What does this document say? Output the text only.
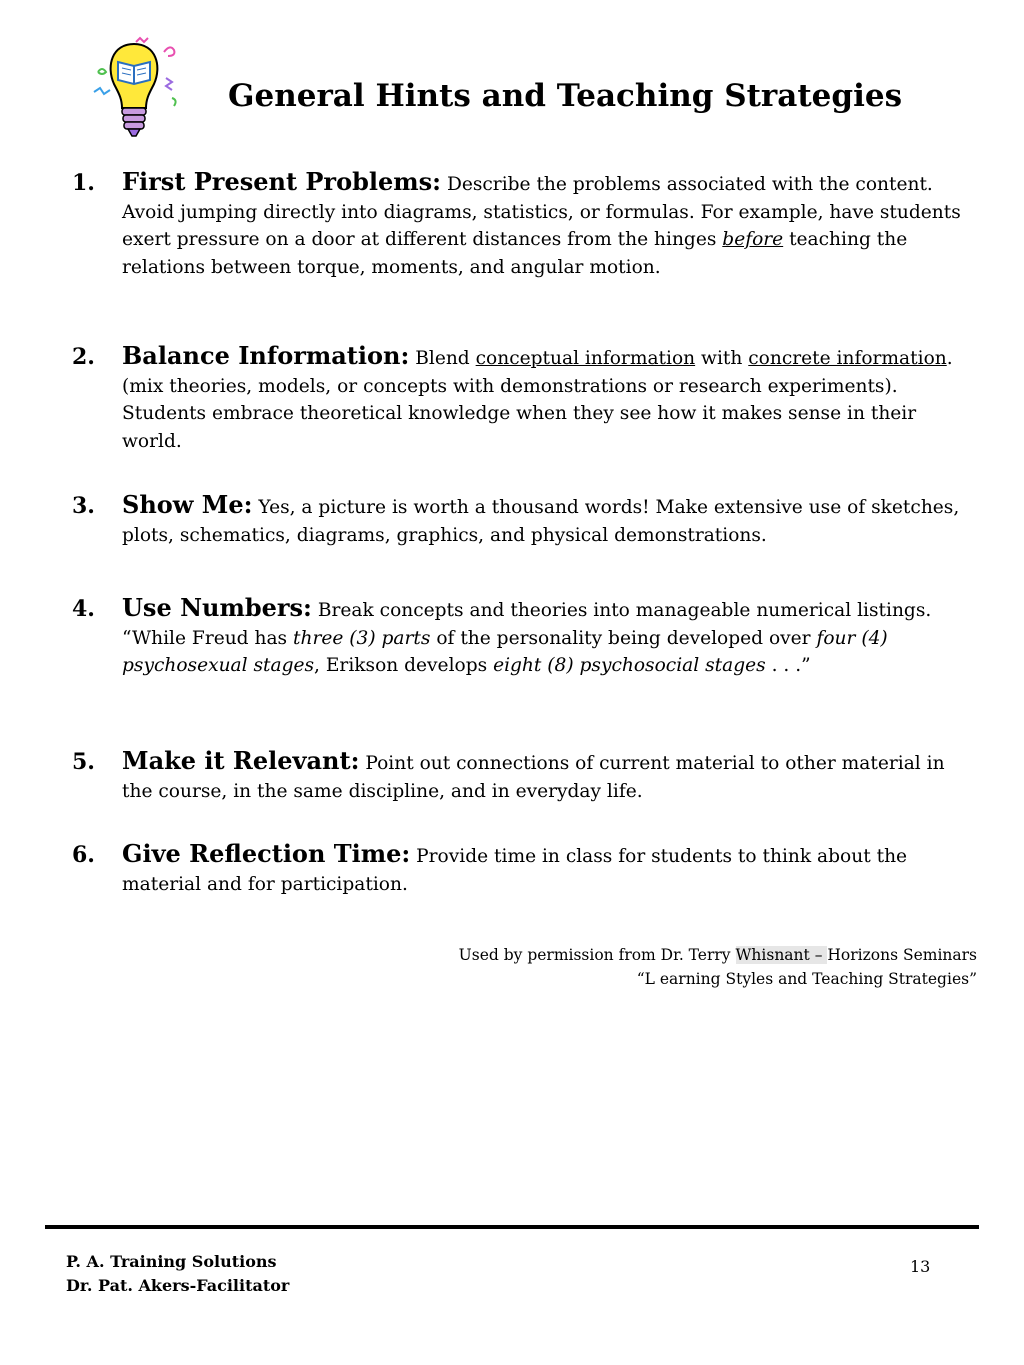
General Hints and Teaching Strategies
1. First Present Problems: Describe the problems associated with the content. Avoid jumping directly into diagrams, statistics, or formulas. For example, have students exert pressure on a door at different distances from the hinges before teaching the relations between torque, moments, and angular motion.
2. Balance Information: Blend conceptual information with concrete information. (mix theories, models, or concepts with demonstrations or research experiments). Students embrace theoretical knowledge when they see how it makes sense in their world.
3. Show Me: Yes, a picture is worth a thousand words! Make extensive use of sketches, plots, schematics, diagrams, graphics, and physical demonstrations.
4. Use Numbers: Break concepts and theories into manageable numerical listings.
“While Freud has three (3) parts of the personality being developed over four (4) psychosexual stages, Erikson develops eight (8) psychosocial stages . . .”
5. Make it Relevant: Point out connections of current material to other material in the course, in the same discipline, and in everyday life.
6. Give Reflection Time: Provide time in class for students to think about the material and for participation.
Used by permission from Dr. Terry Whisnant – Horizons Seminars
“L earning Styles and Teaching Strategies”
P. A. Training Solutions
Dr. Pat. Akers-Facilitator
13
